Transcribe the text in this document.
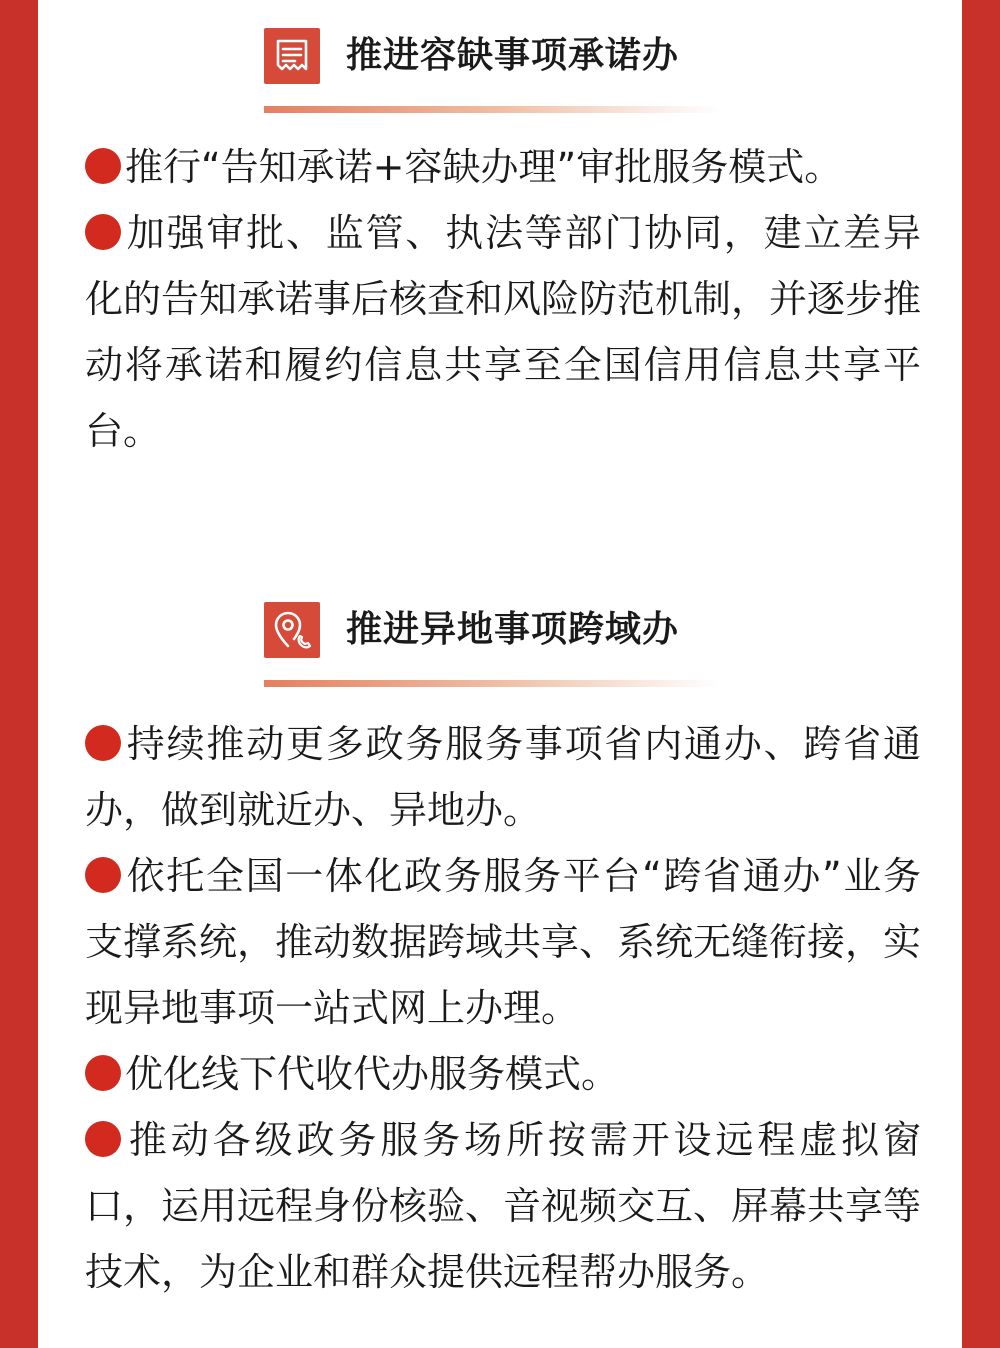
推进容缺事项承诺办
推行“告知承诺+容缺办理”审批服务模式。
加强审批、监管、执法等部门协同，建立差异化的告知承诺事后核查和风险防范机制，并逐步推动将承诺和履约信息共享至全国信用信息共享平台。
推进异地事项跨域办
持续推动更多政务服务事项省内通办、跨省通办，做到就近办、异地办。
依托全国一体化政务服务平台“跨省通办”业务支撑系统，推动数据跨域共享、系统无缝衔接，实现异地事项一站式网上办理。
优化线下代收代办服务模式。
推动各级政务服务场所按需开设远程虚拟窗口，运用远程身份核验、音视频交互、屏幕共享等技术，为企业和群众提供远程帮办服务。
